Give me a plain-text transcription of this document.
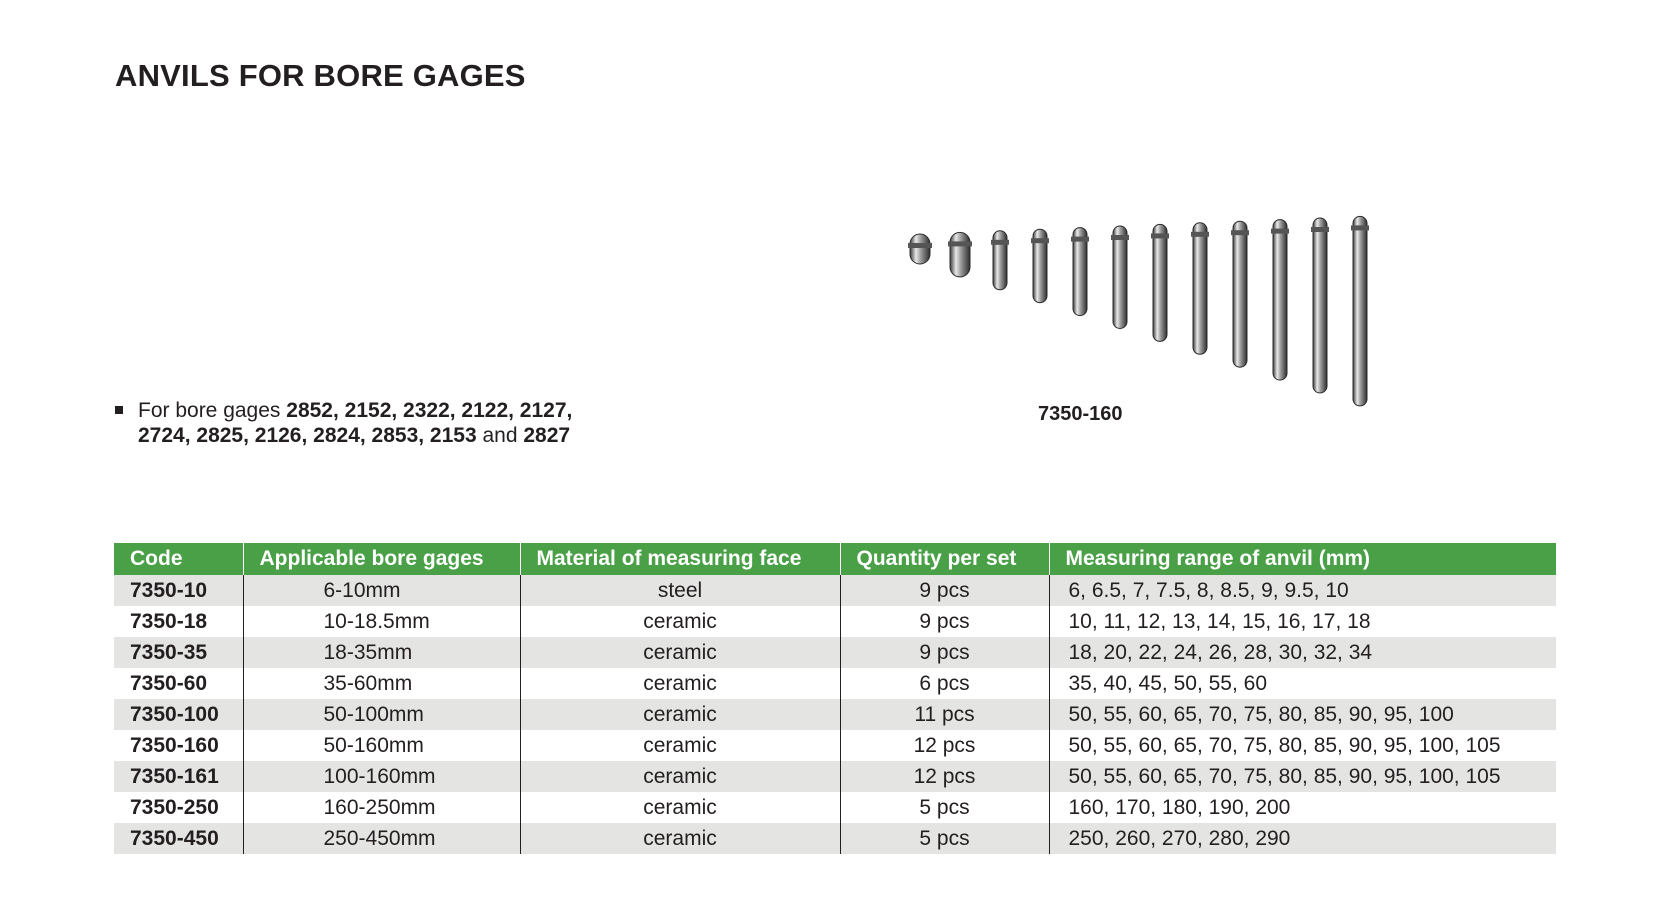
ANVILS FOR BORE GAGES
For bore gages 2852, 2152, 2322, 2122, 2127,
2724, 2825, 2126, 2824, 2853, 2153 and 2827
7350-160
Code	Applicable bore gages	Material of measuring face	Quantity per set	Measuring range of anvil (mm)
7350-10	6-10mm	steel	9 pcs	6, 6.5, 7, 7.5, 8, 8.5, 9, 9.5, 10
7350-18	10-18.5mm	ceramic	9 pcs	10, 11, 12, 13, 14, 15, 16, 17, 18
7350-35	18-35mm	ceramic	9 pcs	18, 20, 22, 24, 26, 28, 30, 32, 34
7350-60	35-60mm	ceramic	6 pcs	35, 40, 45, 50, 55, 60
7350-100	50-100mm	ceramic	11 pcs	50, 55, 60, 65, 70, 75, 80, 85, 90, 95, 100
7350-160	50-160mm	ceramic	12 pcs	50, 55, 60, 65, 70, 75, 80, 85, 90, 95, 100, 105
7350-161	100-160mm	ceramic	12 pcs	50, 55, 60, 65, 70, 75, 80, 85, 90, 95, 100, 105
7350-250	160-250mm	ceramic	5 pcs	160, 170, 180, 190, 200
7350-450	250-450mm	ceramic	5 pcs	250, 260, 270, 280, 290
